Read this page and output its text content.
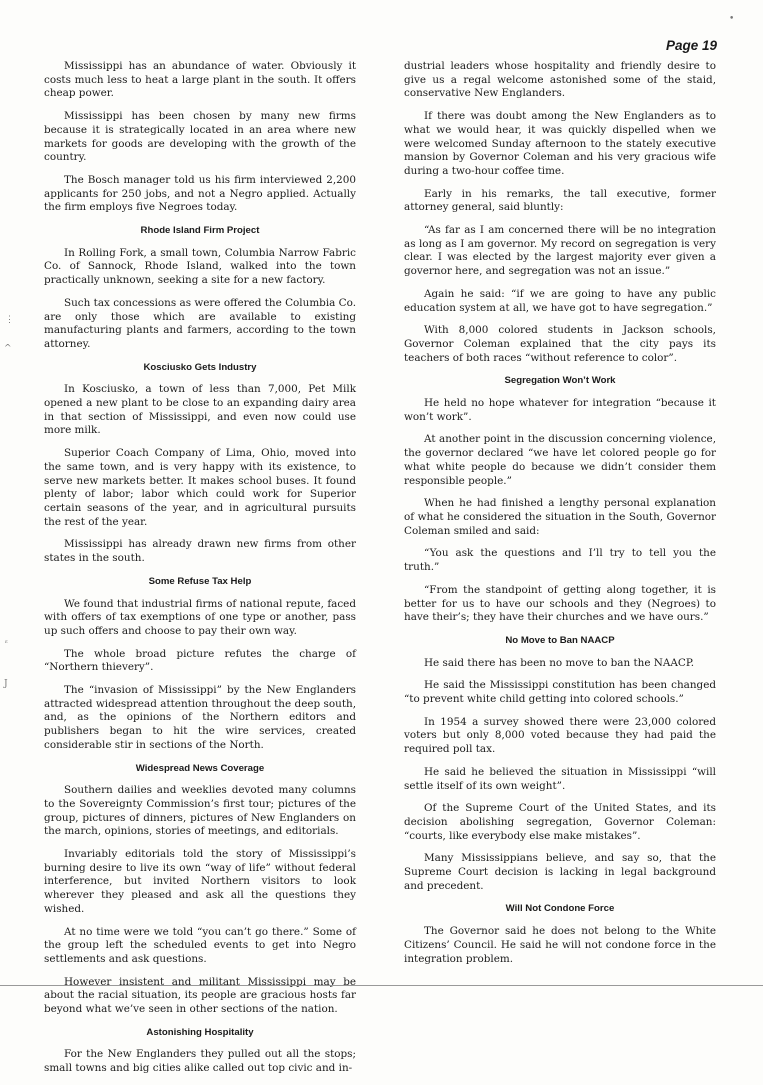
Page 19

Mississippi has an abundance of water. Obviously it costs much less to heat a large plant in the south. It offers cheap power.

Mississippi has been chosen by many new firms because it is strategically located in an area where new markets for goods are developing with the growth of the country.

The Bosch manager told us his firm interviewed 2,200 applicants for 250 jobs, and not a Negro applied. Actually the firm employs five Negroes today.

Rhode Island Firm Project

In Rolling Fork, a small town, Columbia Narrow Fabric Co. of Sannock, Rhode Island, walked into the town practically unknown, seeking a site for a new factory.

Such tax concessions as were offered the Columbia Co. are only those which are available to existing manufacturing plants and farmers, according to the town attorney.

Kosciusko Gets Industry

In Kosciusko, a town of less than 7,000, Pet Milk opened a new plant to be close to an expanding dairy area in that section of Mississippi, and even now could use more milk.

Superior Coach Company of Lima, Ohio, moved into the same town, and is very happy with its existence, to serve new markets better. It makes school buses. It found plenty of labor; labor which could work for Superior certain seasons of the year, and in agricultural pursuits the rest of the year.

Mississippi has already drawn new firms from other states in the south.

Some Refuse Tax Help

We found that industrial firms of national repute, faced with offers of tax exemptions of one type or another, pass up such offers and choose to pay their own way.

The whole broad picture refutes the charge of “Northern thievery”.

The “invasion of Mississippi” by the New Englanders attracted widespread attention throughout the deep south, and, as the opinions of the Northern editors and publishers began to hit the wire services, created considerable stir in sections of the North.

Widespread News Coverage

Southern dailies and weeklies devoted many columns to the Sovereignty Commission’s first tour; pictures of the group, pictures of dinners, pictures of New Englanders on the march, opinions, stories of meetings, and editorials.

Invariably editorials told the story of Mississippi’s burning desire to live its own “way of life” without federal interference, but invited Northern visitors to look wherever they pleased and ask all the questions they wished.

At no time were we told “you can’t go there.” Some of the group left the scheduled events to get into Negro settlements and ask questions.

However insistent and militant Mississippi may be about the racial situation, its people are gracious hosts far beyond what we’ve seen in other sections of the nation.

Astonishing Hospitality

For the New Englanders they pulled out all the stops; small towns and big cities alike called out top civic and in-

dustrial leaders whose hospitality and friendly desire to give us a regal welcome astonished some of the staid, conservative New Englanders.

If there was doubt among the New Englanders as to what we would hear, it was quickly dispelled when we were welcomed Sunday afternoon to the stately executive mansion by Governor Coleman and his very gracious wife during a two-hour coffee time.

Early in his remarks, the tall executive, former attorney general, said bluntly:

“As far as I am concerned there will be no integration as long as I am governor. My record on segregation is very clear. I was elected by the largest majority ever given a governor here, and segregation was not an issue.”

Again he said: “if we are going to have any public education system at all, we have got to have segregation.”

With 8,000 colored students in Jackson schools, Governor Coleman explained that the city pays its teachers of both races “without reference to color”.

Segregation Won’t Work

He held no hope whatever for integration “because it won’t work”.

At another point in the discussion concerning violence, the governor declared “we have let colored people go for what white people do because we didn’t consider them responsible people.”

When he had finished a lengthy personal explanation of what he considered the situation in the South, Governor Coleman smiled and said:

“You ask the questions and I’ll try to tell you the truth.”

“From the standpoint of getting along together, it is better for us to have our schools and they (Negroes) to have their’s; they have their churches and we have ours.”

No Move to Ban NAACP

He said there has been no move to ban the NAACP.

He said the Mississippi constitution has been changed “to prevent white child getting into colored schools.”

In 1954 a survey showed there were 23,000 colored voters but only 8,000 voted because they had paid the required poll tax.

He said he believed the situation in Mississippi “will settle itself of its own weight”.

Of the Supreme Court of the United States, and its decision abolishing segregation, Governor Coleman: “courts, like everybody else make mistakes”.

Many Mississippians believe, and say so, that the Supreme Court decision is lacking in legal background and precedent.

Will Not Condone Force

The Governor said he does not belong to the White Citizens’ Council. He said he will not condone force in the integration problem.

•
⋮
^
ᵋ
J
